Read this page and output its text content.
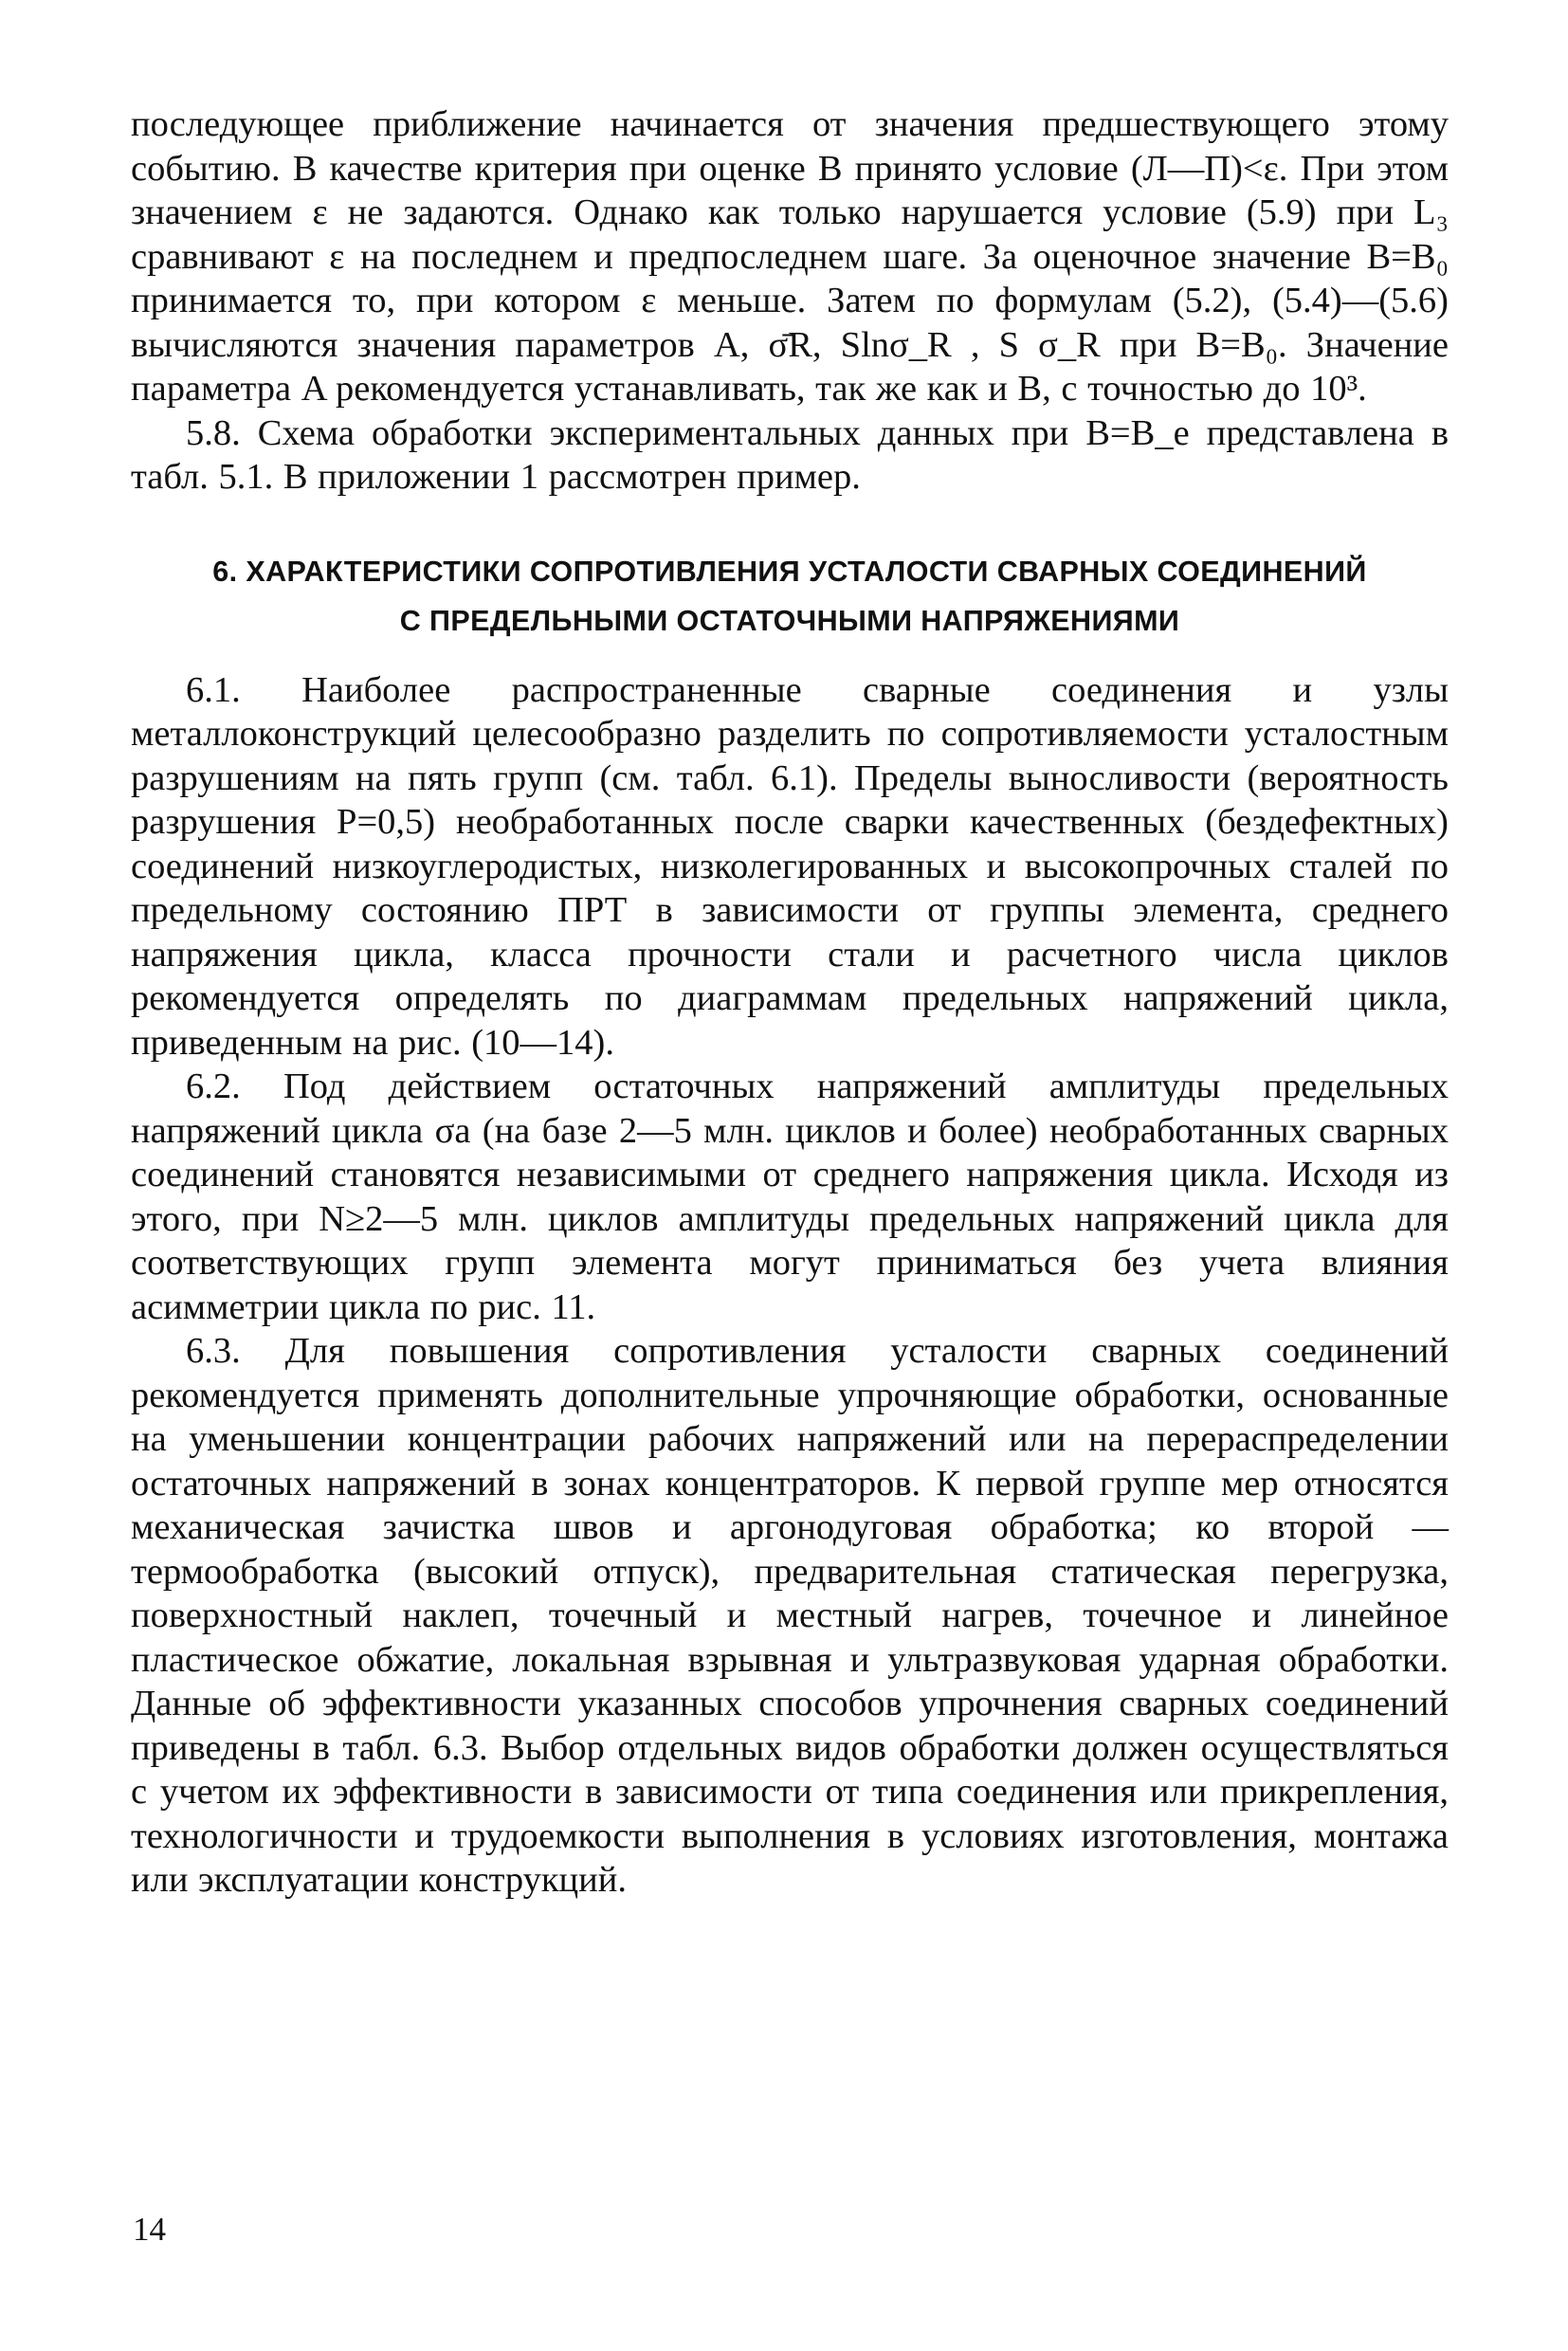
последующее приближение начинается от значения предшествующего этому событию. В качестве критерия при оценке B принято условие (Л—П)<ε. При этом значением ε не задаются. Однако как только нарушается условие (5.9) при L₃ сравнивают ε на последнем и предпоследнем шаге. За оценочное значение B=B₀ принимается то, при котором ε меньше. Затем по формулам (5.2), (5.4)—(5.6) вычисляются значения параметров A, σ̄R, Slnσ_R , S σ_R при B=B₀. Значение параметра A рекомендуется устанавливать, так же как и B, с точностью до 10³.

5.8. Схема обработки экспериментальных данных при B=B_e представлена в табл. 5.1. В приложении 1 рассмотрен пример.

6. ХАРАКТЕРИСТИКИ СОПРОТИВЛЕНИЯ УСТАЛОСТИ СВАРНЫХ СОЕДИНЕНИЙ
С ПРЕДЕЛЬНЫМИ ОСТАТОЧНЫМИ НАПРЯЖЕНИЯМИ

6.1. Наиболее распространенные сварные соединения и узлы металлоконструкций целесообразно разделить по сопротивляемости усталостным разрушениям на пять групп (см. табл. 6.1). Пределы выносливости (вероятность разрушения P=0,5) необработанных после сварки качественных (бездефектных) соединений низкоуглеродистых, низколегированных и высокопрочных сталей по предельному состоянию ПРТ в зависимости от группы элемента, среднего напряжения цикла, класса прочности стали и расчетного числа циклов рекомендуется определять по диаграммам предельных напряжений цикла, приведенным на рис. (10—14).

6.2. Под действием остаточных напряжений амплитуды предельных напряжений цикла σa (на базе 2—5 млн. циклов и более) необработанных сварных соединений становятся независимыми от среднего напряжения цикла. Исходя из этого, при N≥2—5 млн. циклов амплитуды предельных напряжений цикла для соответствующих групп элемента могут приниматься без учета влияния асимметрии цикла по рис. 11.

6.3. Для повышения сопротивления усталости сварных соединений рекомендуется применять дополнительные упрочняющие обработки, основанные на уменьшении концентрации рабочих напряжений или на перераспределении остаточных напряжений в зонах концентраторов. К первой группе мер относятся механическая зачистка швов и аргонодуговая обработка; ко второй — термообработка (высокий отпуск), предварительная статическая перегрузка, поверхностный наклеп, точечный и местный нагрев, точечное и линейное пластическое обжатие, локальная взрывная и ультразвуковая ударная обработки. Данные об эффективности указанных способов упрочнения сварных соединений приведены в табл. 6.3. Выбор отдельных видов обработки должен осуществляться с учетом их эффективности в зависимости от типа соединения или прикрепления, технологичности и трудоемкости выполнения в условиях изготовления, монтажа или эксплуатации конструкций.

14
